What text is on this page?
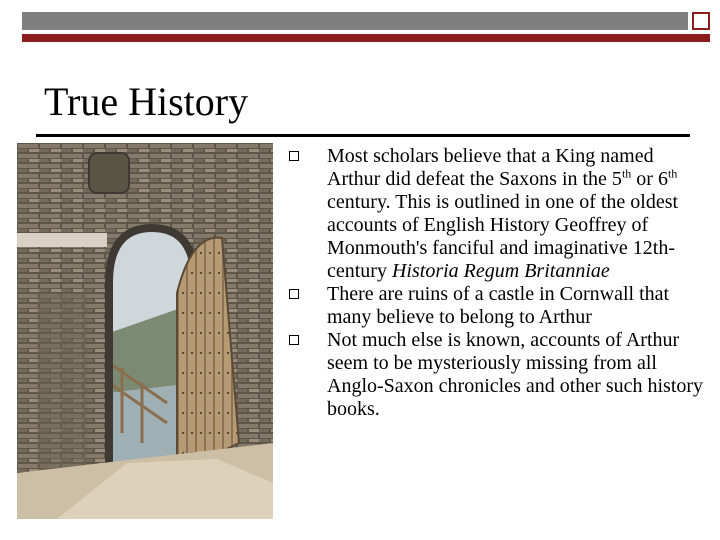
True History
Most scholars believe that a King named Arthur did defeat the Saxons in the 5th or 6th century. This is outlined in one of the oldest accounts of English History Geoffrey of Monmouth's fanciful and imaginative 12th-century Historia Regum Britanniae
There are ruins of a castle in Cornwall that many believe to belong to Arthur
Not much else is known, accounts of Arthur seem to be mysteriously missing from all Anglo-Saxon chronicles and other such history books.
